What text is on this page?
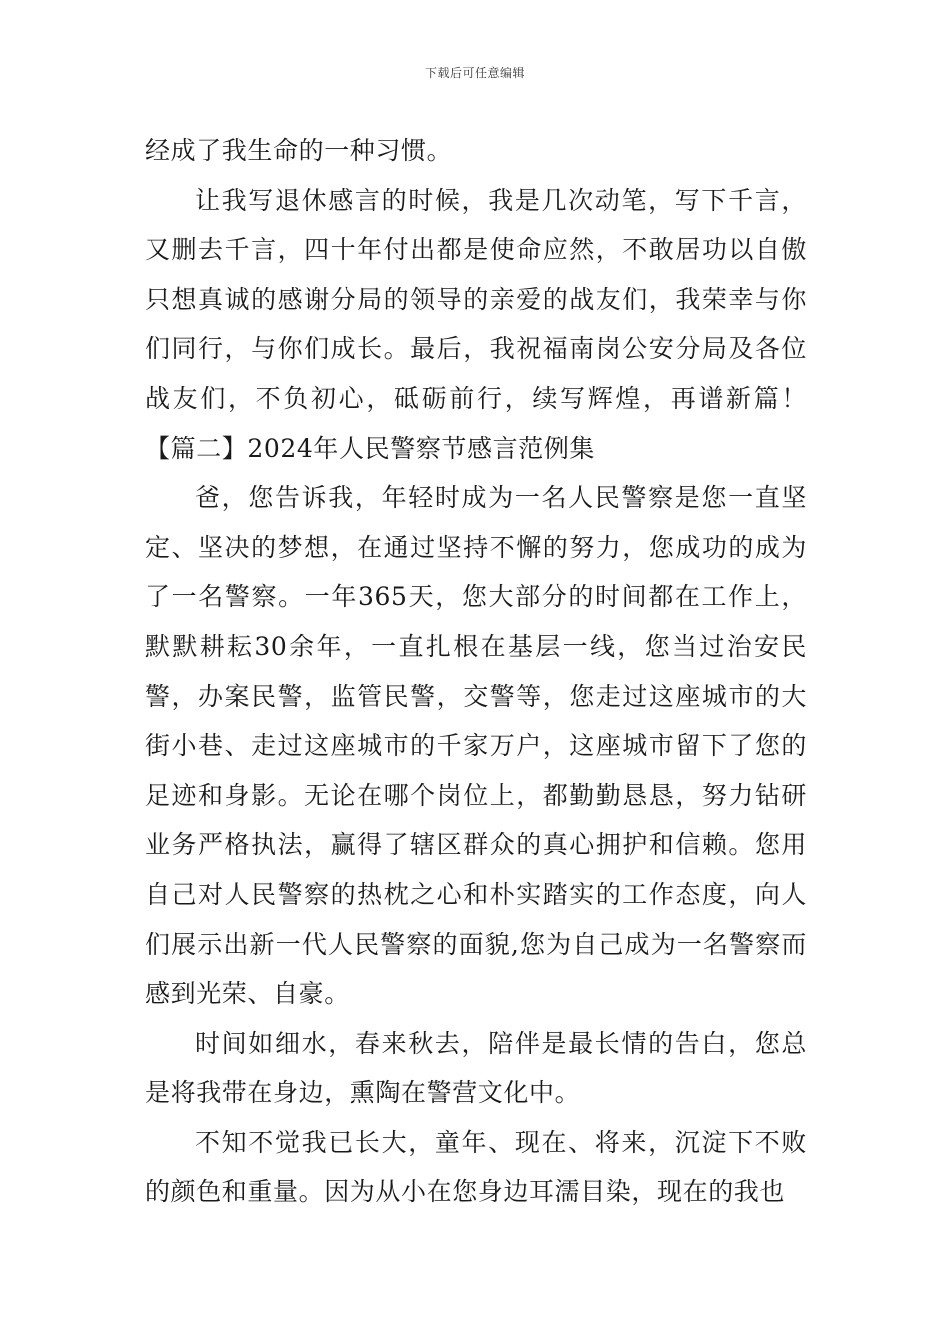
下载后可任意编辑

经成了我生命的一种习惯。

让我写退休感言的时候，我是几次动笔，写下千言，又删去千言，四十年付出都是使命应然，不敢居功以自傲只想真诚的感谢分局的领导的亲爱的战友们，我荣幸与你们同行，与你们成长。最后，我祝福南岗公安分局及各位战友们，不负初心，砥砺前行，续写辉煌，再谱新篇！【篇二】2024年人民警察节感言范例集

爸，您告诉我，年轻时成为一名人民警察是您一直坚定、坚决的梦想，在通过坚持不懈的努力，您成功的成为了一名警察。一年365天，您大部分的时间都在工作上，默默耕耘30余年，一直扎根在基层一线，您当过治安民警，办案民警，监管民警，交警等，您走过这座城市的大街小巷、走过这座城市的千家万户，这座城市留下了您的足迹和身影。无论在哪个岗位上，都勤勤恳恳，努力钻研业务严格执法，赢得了辖区群众的真心拥护和信赖。您用自己对人民警察的热枕之心和朴实踏实的工作态度，向人们展示出新一代人民警察的面貌,您为自己成为一名警察而感到光荣、自豪。

时间如细水，春来秋去，陪伴是最长情的告白，您总是将我带在身边，熏陶在警营文化中。

不知不觉我已长大，童年、现在、将来，沉淀下不败的颜色和重量。因为从小在您身边耳濡目染，现在的我也
